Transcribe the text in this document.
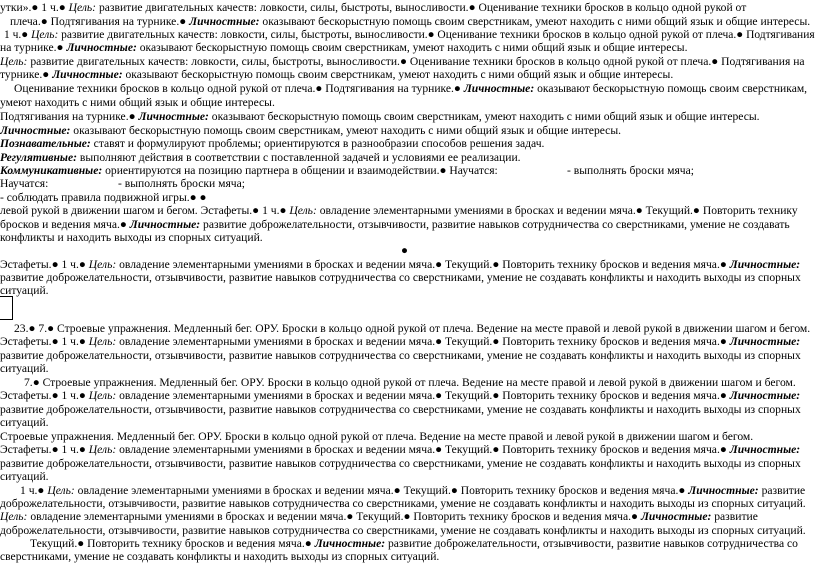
утки».● 1 ч.● Цель: развитие двигательных качеств: ловкости, силы, быстроты, выносливости.● Оценивание техники бросков в кольцо одной рукой от
плеча.● Подтягивания на турнике.● Личностные: оказывают бескорыстную помощь своим сверстникам, умеют находить с ними общий язык и общие интересы.
1 ч.● Цель: развитие двигательных качеств: ловкости, силы, быстроты, выносливости.● Оценивание техники бросков в кольцо одной рукой от плеча.● Подтягивания
на турнике.● Личностные: оказывают бескорыстную помощь своим сверстникам, умеют находить с ними общий язык и общие интересы.
Цель: развитие двигательных качеств: ловкости, силы, быстроты, выносливости.● Оценивание техники бросков в кольцо одной рукой от плеча.● Подтягивания на
турнике.● Личностные: оказывают бескорыстную помощь своим сверстникам, умеют находить с ними общий язык и общие интересы.
Оценивание техники бросков в кольцо одной рукой от плеча.● Подтягивания на турнике.● Личностные: оказывают бескорыстную помощь своим сверстникам,
умеют находить с ними общий язык и общие интересы.
Подтягивания на турнике.● Личностные: оказывают бескорыстную помощь своим сверстникам, умеют находить с ними общий язык и общие интересы.
Личностные: оказывают бескорыстную помощь своим сверстникам, умеют находить с ними общий язык и общие интересы.
Познавательные: ставят и формулируют проблемы; ориентируются в разнообразии способов решения задач.
Регулятивные: выполняют действия в соответствии с поставленной задачей и условиями ее реализации.
Коммуникативные: ориентируются на позицию партнера в общении и взаимодействии.● Научатся:	- выполнять броски мяча;
Научатся:	- выполнять броски мяча;
- соблюдать правила подвижной игры.● ●
левой рукой в движении шагом и бегом. Эстафеты.● 1 ч.● Цель: овладение элементарными умениями в бросках и ведении мяча.● Текущий.● Повторить технику
бросков и ведения мяча.● Личностные: развитие доброжелательности, отзывчивости, развитие навыков сотрудничества со сверстниками, умение не создавать
конфликты и находить выходы из спорных ситуаций.
●
Эстафеты.● 1 ч.● Цель: овладение элементарными умениями в бросках и ведении мяча.● Текущий.● Повторить технику бросков и ведения мяча.● Личностные:
развитие доброжелательности, отзывчивости, развитие навыков сотрудничества со сверстниками, умение не создавать конфликты и находить выходы из спорных
ситуаций.
23.● 7.● Строевые упражнения. Медленный бег. ОРУ. Броски в кольцо одной рукой от плеча. Ведение на месте правой и левой рукой в движении шагом и бегом.
Эстафеты.● 1 ч.● Цель: овладение элементарными умениями в бросках и ведении мяча.● Текущий.● Повторить технику бросков и ведения мяча.● Личностные:
развитие доброжелательности, отзывчивости, развитие навыков сотрудничества со сверстниками, умение не создавать конфликты и находить выходы из спорных
ситуаций.
7.● Строевые упражнения. Медленный бег. ОРУ. Броски в кольцо одной рукой от плеча. Ведение на месте правой и левой рукой в движении шагом и бегом.
Эстафеты.● 1 ч.● Цель: овладение элементарными умениями в бросках и ведении мяча.● Текущий.● Повторить технику бросков и ведения мяча.● Личностные:
развитие доброжелательности, отзывчивости, развитие навыков сотрудничества со сверстниками, умение не создавать конфликты и находить выходы из спорных
ситуаций.
Строевые упражнения. Медленный бег. ОРУ. Броски в кольцо одной рукой от плеча. Ведение на месте правой и левой рукой в движении шагом и бегом.
Эстафеты.● 1 ч.● Цель: овладение элементарными умениями в бросках и ведении мяча.● Текущий.● Повторить технику бросков и ведения мяча.● Личностные:
развитие доброжелательности, отзывчивости, развитие навыков сотрудничества со сверстниками, умение не создавать конфликты и находить выходы из спорных
ситуаций.
1 ч.● Цель: овладение элементарными умениями в бросках и ведении мяча.● Текущий.● Повторить технику бросков и ведения мяча.● Личностные: развитие
доброжелательности, отзывчивости, развитие навыков сотрудничества со сверстниками, умение не создавать конфликты и находить выходы из спорных ситуаций.
Цель: овладение элементарными умениями в бросках и ведении мяча.● Текущий.● Повторить технику бросков и ведения мяча.● Личностные: развитие
доброжелательности, отзывчивости, развитие навыков сотрудничества со сверстниками, умение не создавать конфликты и находить выходы из спорных ситуаций.
Текущий.● Повторить технику бросков и ведения мяча.● Личностные: развитие доброжелательности, отзывчивости, развитие навыков сотрудничества со
сверстниками, умение не создавать конфликты и находить выходы из спорных ситуаций.
